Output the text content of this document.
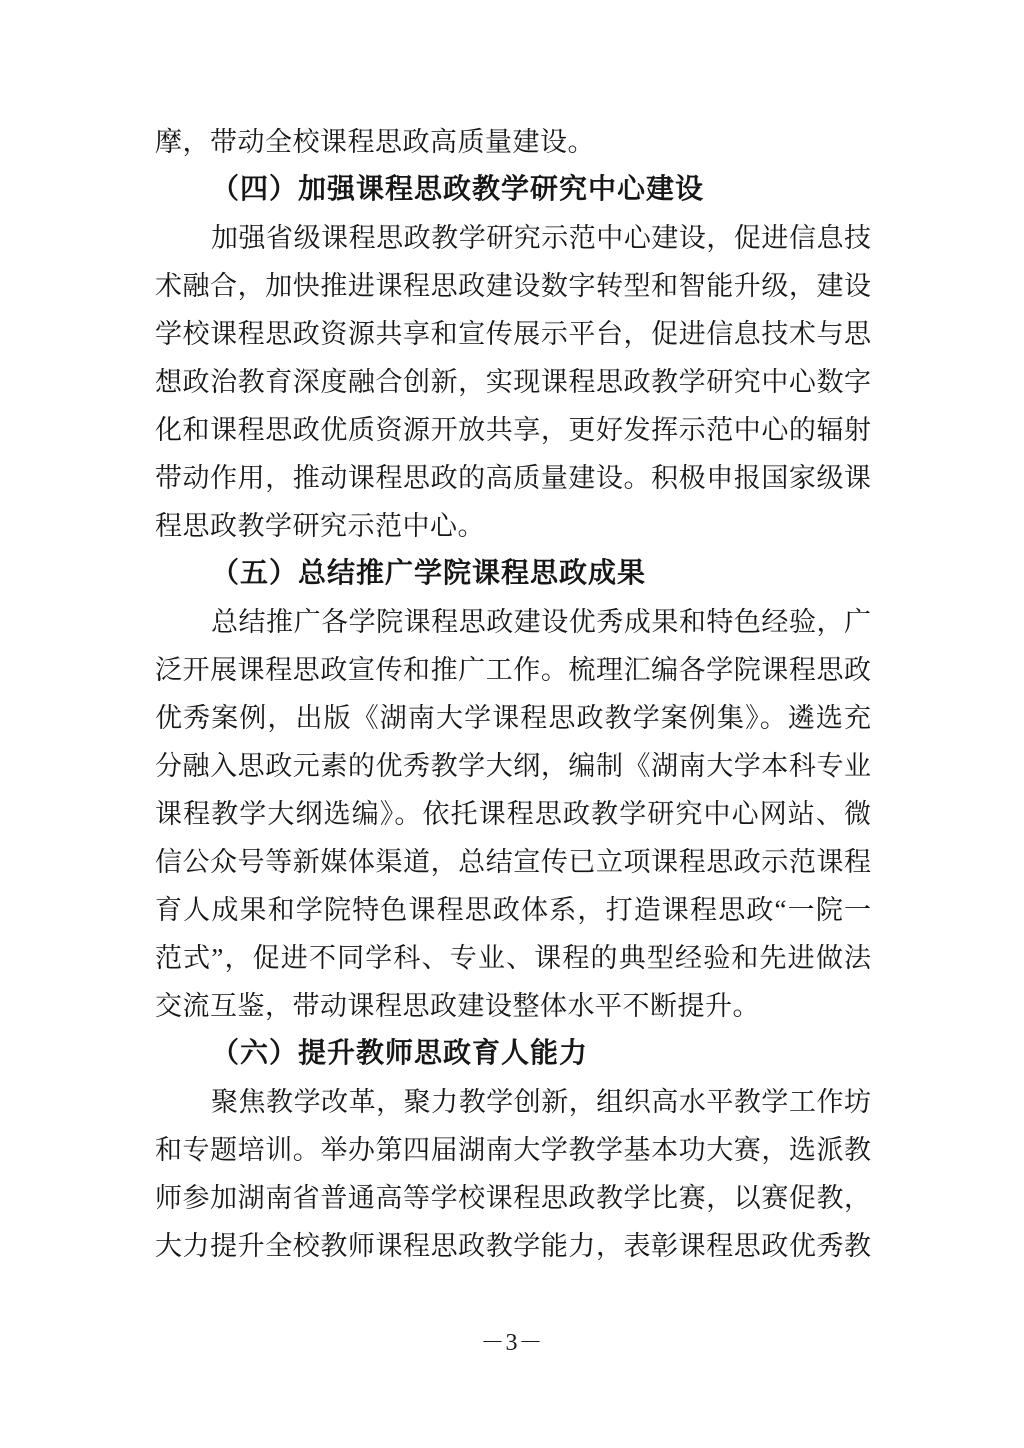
摩，带动全校课程思政高质量建设。
（四）加强课程思政教学研究中心建设
加强省级课程思政教学研究示范中心建设，促进信息技
术融合，加快推进课程思政建设数字转型和智能升级，建设
学校课程思政资源共享和宣传展示平台，促进信息技术与思
想政治教育深度融合创新，实现课程思政教学研究中心数字
化和课程思政优质资源开放共享，更好发挥示范中心的辐射
带动作用，推动课程思政的高质量建设。积极申报国家级课
程思政教学研究示范中心。
（五）总结推广学院课程思政成果
总结推广各学院课程思政建设优秀成果和特色经验，广
泛开展课程思政宣传和推广工作。梳理汇编各学院课程思政
优秀案例，出版《湖南大学课程思政教学案例集》。遴选充
分融入思政元素的优秀教学大纲，编制《湖南大学本科专业
课程教学大纲选编》。依托课程思政教学研究中心网站、微
信公众号等新媒体渠道，总结宣传已立项课程思政示范课程
育人成果和学院特色课程思政体系，打造课程思政“一院一
范式”，促进不同学科、专业、课程的典型经验和先进做法
交流互鉴，带动课程思政建设整体水平不断提升。
（六）提升教师思政育人能力
聚焦教学改革，聚力教学创新，组织高水平教学工作坊
和专题培训。举办第四届湖南大学教学基本功大赛，选派教
师参加湖南省普通高等学校课程思政教学比赛，以赛促教，
大力提升全校教师课程思政教学能力，表彰课程思政优秀教
－3－
